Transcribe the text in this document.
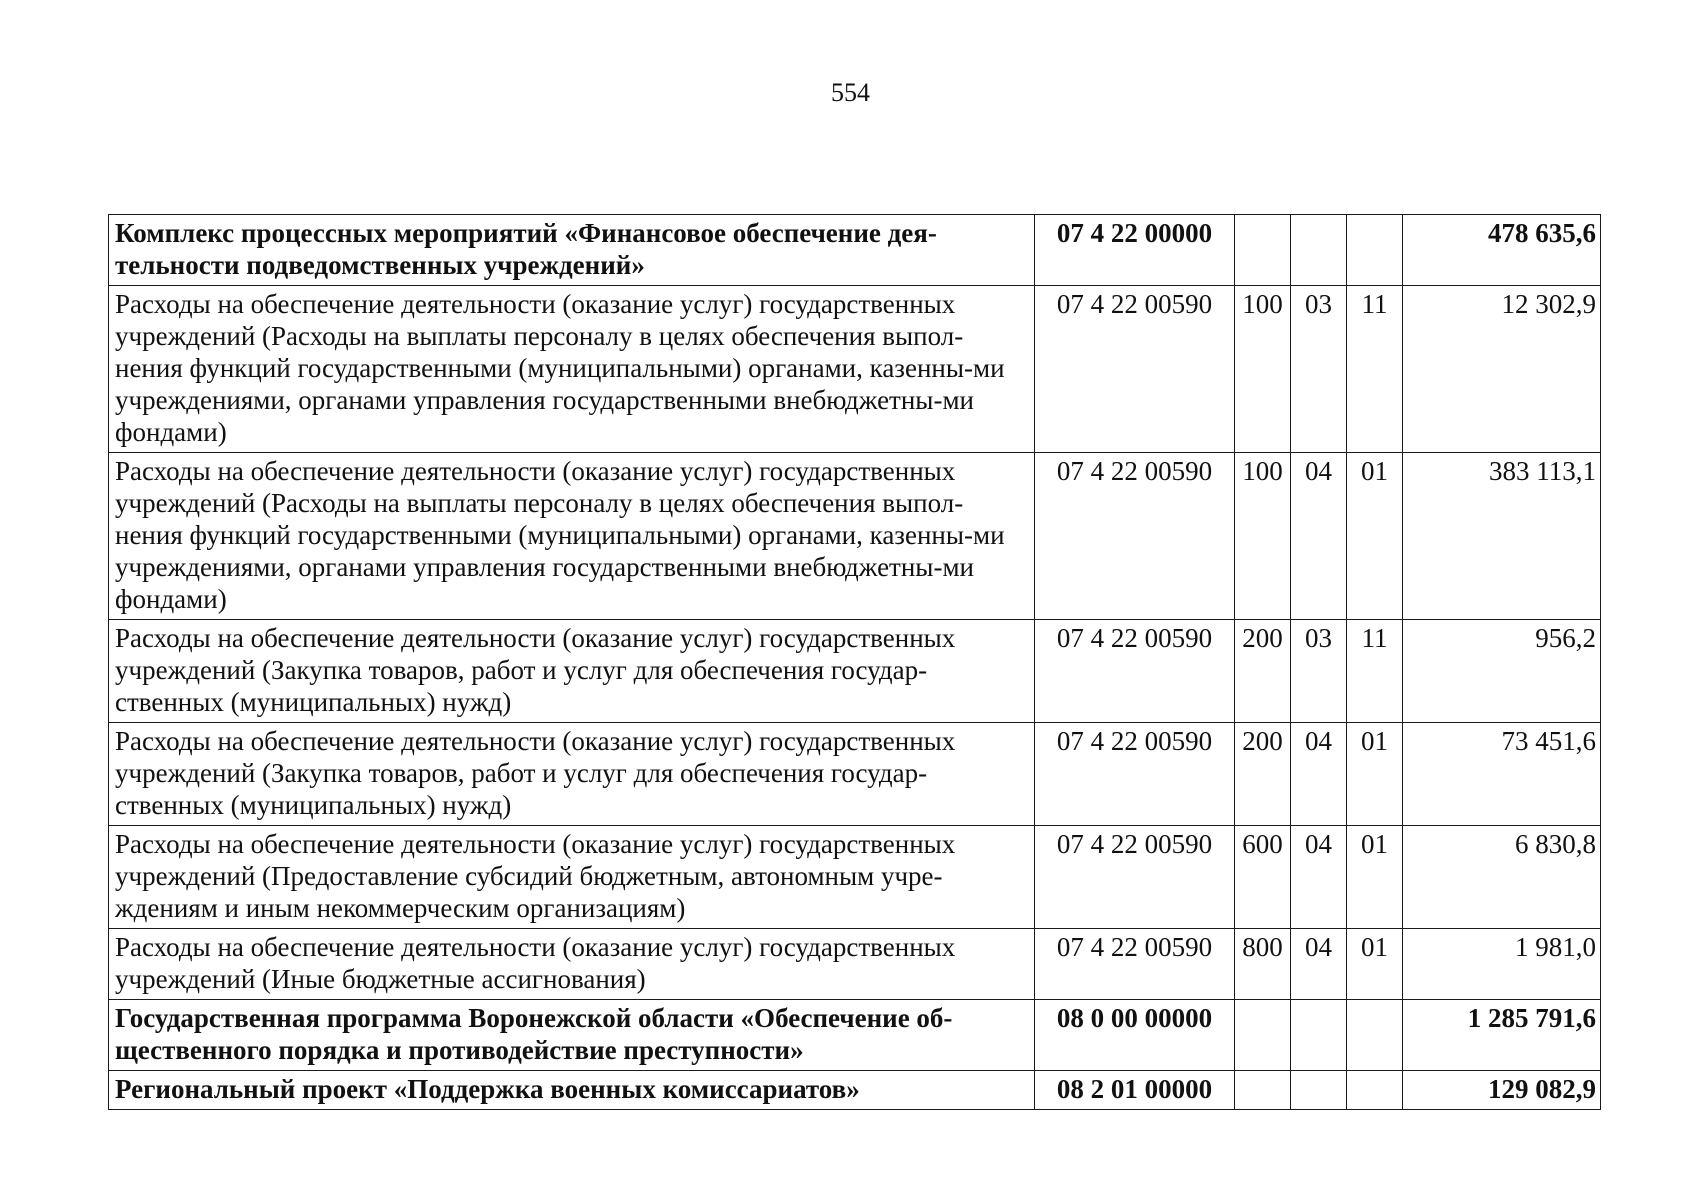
554
Комплекс процессных мероприятий «Финансовое обеспечение дея-тельности подведомственных учреждений»	07 4 22 00000				478 635,6
Расходы на обеспечение деятельности (оказание услуг) государственных учреждений (Расходы на выплаты персоналу в целях обеспечения выпол-нения функций государственными (муниципальными) органами, казенны-ми учреждениями, органами управления государственными внебюджетны-ми фондами)	07 4 22 00590	100	03	11	12 302,9
Расходы на обеспечение деятельности (оказание услуг) государственных учреждений (Расходы на выплаты персоналу в целях обеспечения выпол-нения функций государственными (муниципальными) органами, казенны-ми учреждениями, органами управления государственными внебюджетны-ми фондами)	07 4 22 00590	100	04	01	383 113,1
Расходы на обеспечение деятельности (оказание услуг) государственных учреждений (Закупка товаров, работ и услуг для обеспечения государ-ственных (муниципальных) нужд)	07 4 22 00590	200	03	11	956,2
Расходы на обеспечение деятельности (оказание услуг) государственных учреждений (Закупка товаров, работ и услуг для обеспечения государ-ственных (муниципальных) нужд)	07 4 22 00590	200	04	01	73 451,6
Расходы на обеспечение деятельности (оказание услуг) государственных учреждений (Предоставление субсидий бюджетным, автономным учре-ждениям и иным некоммерческим организациям)	07 4 22 00590	600	04	01	6 830,8
Расходы на обеспечение деятельности (оказание услуг) государственных учреждений (Иные бюджетные ассигнования)	07 4 22 00590	800	04	01	1 981,0
Государственная программа Воронежской области «Обеспечение об-щественного порядка и противодействие преступности»	08 0 00 00000				1 285 791,6
Региональный проект «Поддержка военных комиссариатов»	08 2 01 00000				129 082,9
